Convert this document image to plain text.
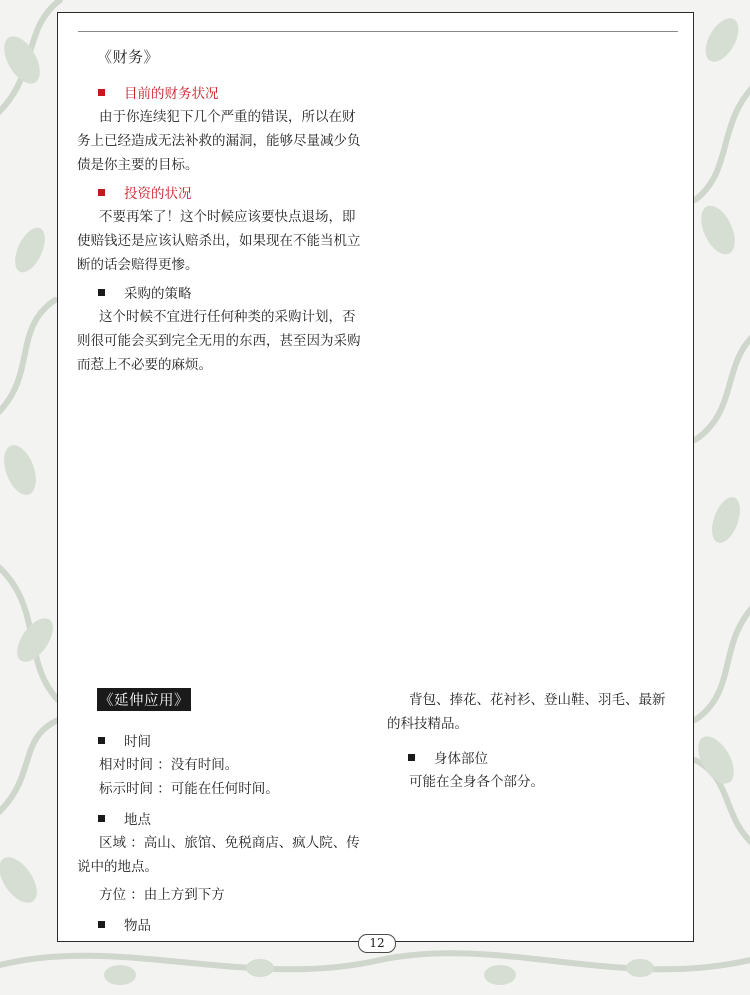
《财务》
目前的财务状况
由于你连续犯下几个严重的错误，所以在财务上已经造成无法补救的漏洞，能够尽量减少负债是你主要的目标。
投资的状况
不要再笨了！这个时候应该要快点退场，即使赔钱还是应该认赔杀出，如果现在不能当机立断的话会赔得更惨。
采购的策略
这个时候不宜进行任何种类的采购计划，否则很可能会买到完全无用的东西，甚至因为采购而惹上不必要的麻烦。
《延伸应用》
时间
相对时间 ：没有时间。
标示时间 ：可能在任何时间。
地点
区域 ：高山、旅馆、免税商店、疯人院、传说中的地点。
方位 ：由上方到下方
物品
背包、捧花、花衬衫、登山鞋、羽毛、最新的科技精品。
身体部位
可能在全身各个部分。
12
